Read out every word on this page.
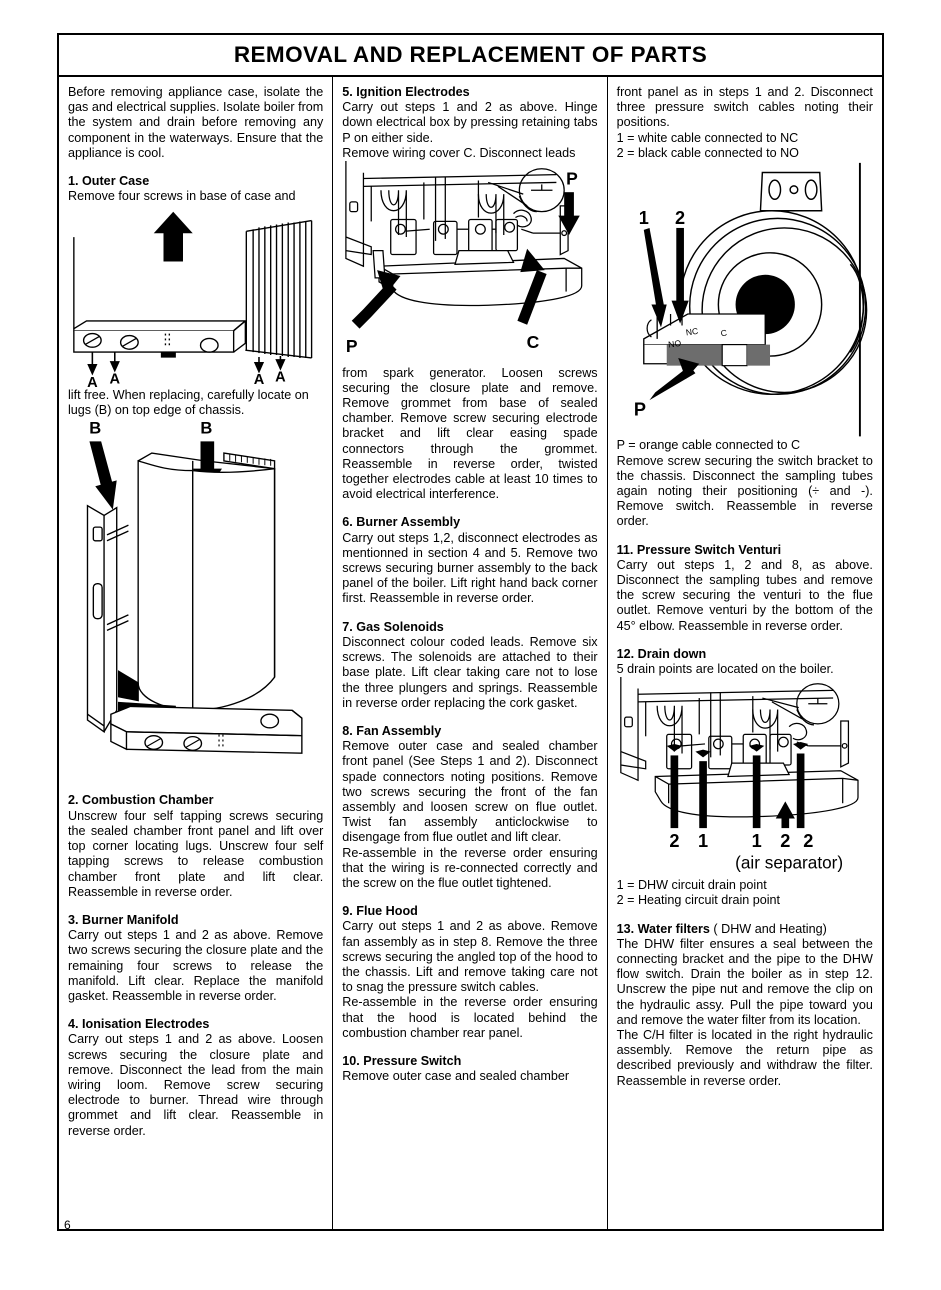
REMOVAL AND REPLACEMENT OF PARTS

Before removing appliance case, isolate the gas and electrical supplies. Isolate boiler from the system and drain before removing any component in the waterways. Ensure that the appliance is cool.

1. Outer Case

Remove four screws in base of case and

A A	A A

lift free. When replacing, carefully locate on lugs (B) on top edge of chassis.

B	B
2. Combustion Chamber

Unscrew four self tapping screws securing the sealed chamber front panel and lift over top corner locating lugs. Unscrew four self tapping screws to release combustion chamber front plate and lift clear. Reassemble in reverse order.

3. Burner Manifold

Carry out steps 1 and 2 as above. Remove two screws securing the closure plate and the remaining four screws to release the manifold. Lift clear. Replace the manifold gasket. Reassemble in reverse order.

4. Ionisation Electrodes

Carry out steps 1 and 2 as above. Loosen screws securing the closure plate and remove. Disconnect the lead from the main wiring loom. Remove screw securing electrode to burner. Thread wire through grommet and lift clear. Reassemble in reverse order.

5. Ignition Electrodes

Carry out steps 1 and 2 as above. Hinge down electrical box by pressing retaining tabs P on either side.

Remove wiring cover C. Disconnect leads

P
P	C

from spark generator. Loosen screws securing the closure plate and remove. Remove grommet from base of sealed chamber. Remove screw securing electrode bracket and lift clear easing spade connectors through the grommet. Reassemble in reverse order, twisted together electrodes cable at least 10 times to avoid electrical interference.

6. Burner Assembly

Carry out steps 1,2, disconnect electrodes as mentionned in section 4 and 5. Remove two screws securing burner assembly to the back panel of the boiler. Lift right hand back corner first. Reassemble in reverse order.

7. Gas Solenoids

Disconnect colour coded leads. Remove six screws. The solenoids are attached to their base plate. Lift clear taking care not to lose the three plungers and springs. Reassemble in reverse order replacing the cork gasket.

8. Fan Assembly

Remove outer case and sealed chamber front panel (See Steps 1 and 2). Disconnect spade connectors noting positions. Remove two screws securing the front of the fan assembly and loosen screw on flue outlet. Twist fan assembly anticlockwise to disengage from flue outlet and lift clear.

Re-assemble in the reverse order ensuring that the wiring is re-connected correctly and the screw on the flue outlet tightened.

9. Flue Hood

Carry out steps 1 and 2 as above. Remove fan assembly as in step 8. Remove the three screws securing the angled top of the hood to the chassis. Lift and remove taking care not to snag the pressure switch cables.

Re-assemble in the reverse order ensuring that the hood is located behind the combustion chamber rear panel.

10. Pressure Switch

Remove outer case and sealed chamber

front panel as in steps 1 and 2. Disconnect three pressure switch cables noting their positions.

1 = white cable connected to NC

2 = black cable connected to NO

NC
NO
C
1 2
P

P = orange cable connected to C

Remove screw securing the switch bracket to the chassis. Disconnect the sampling tubes again noting their positioning (÷ and -). Remove switch. Reassemble in reverse order.

11. Pressure Switch Venturi

Carry out steps 1, 2 and 8, as above. Disconnect the sampling tubes and remove the screw securing the venturi to the flue outlet. Remove venturi by the bottom of the 45° elbow. Reassemble in reverse order.

12. Drain down

5 drain points are located on the boiler.

2 1 1 2 2
(air separator)

1 = DHW circuit drain point

2 = Heating circuit drain point

13. Water filters ( DHW and Heating)

The DHW filter ensures a seal between the connecting bracket and the pipe to the DHW flow switch. Drain the boiler as in step 12. Unscrew the pipe nut and remove the clip on the hydraulic assy. Pull the pipe toward you and remove the water filter from its location.

The C/H filter is located in the right hydraulic assembly. Remove the return pipe as described previously and withdraw the filter. Reassemble in reverse order.

6
